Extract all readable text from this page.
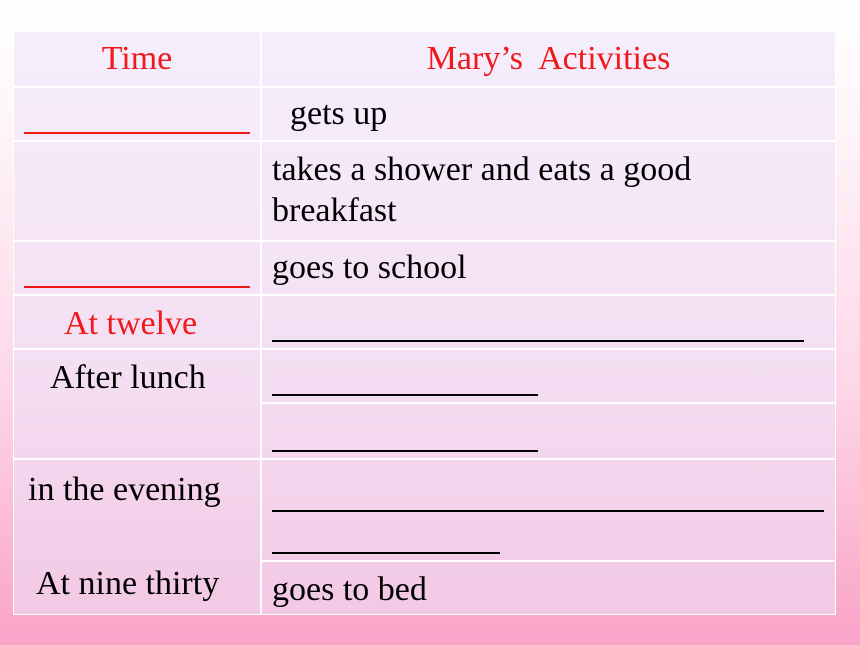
Time	Mary’s  Activities
gets up
takes a shower and eats a good breakfast
goes to school
At twelve
After lunch
in the evening
At nine thirty goes to bed
